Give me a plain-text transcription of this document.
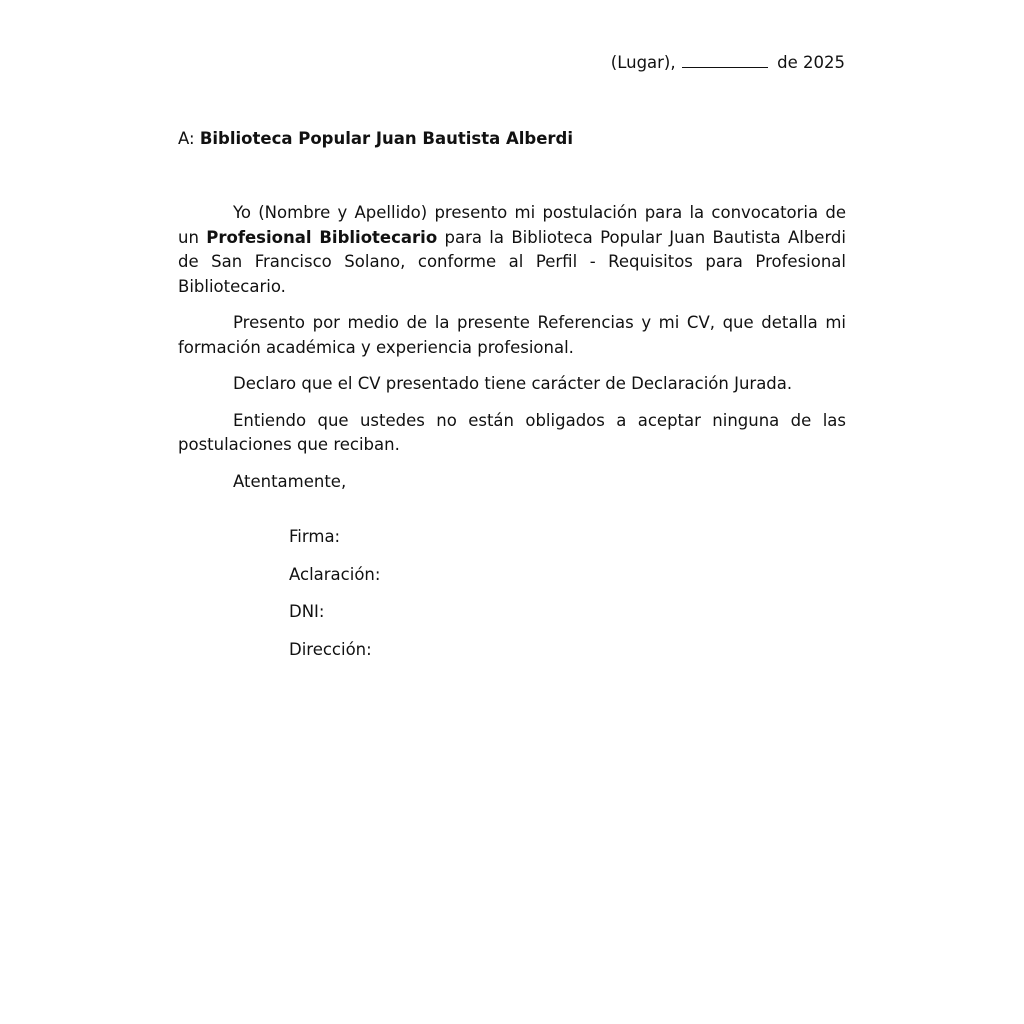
(Lugar),	de 2025
A: Biblioteca Popular Juan Bautista Alberdi

Yo (Nombre y Apellido) presento mi postulación para la convocatoria de un Profesional Bibliotecario para la Biblioteca Popular Juan Bautista Alberdi de San Francisco Solano, conforme al Perfil - Requisitos para Profesional Bibliotecario.

Presento por medio de la presente Referencias y mi CV, que detalla mi formación académica y experiencia profesional.

Declaro que el CV presentado tiene carácter de Declaración Jurada.

Entiendo que ustedes no están obligados a aceptar ninguna de las postulaciones que reciban.

Atentamente,

Firma:
Aclaración:
DNI:
Dirección:
